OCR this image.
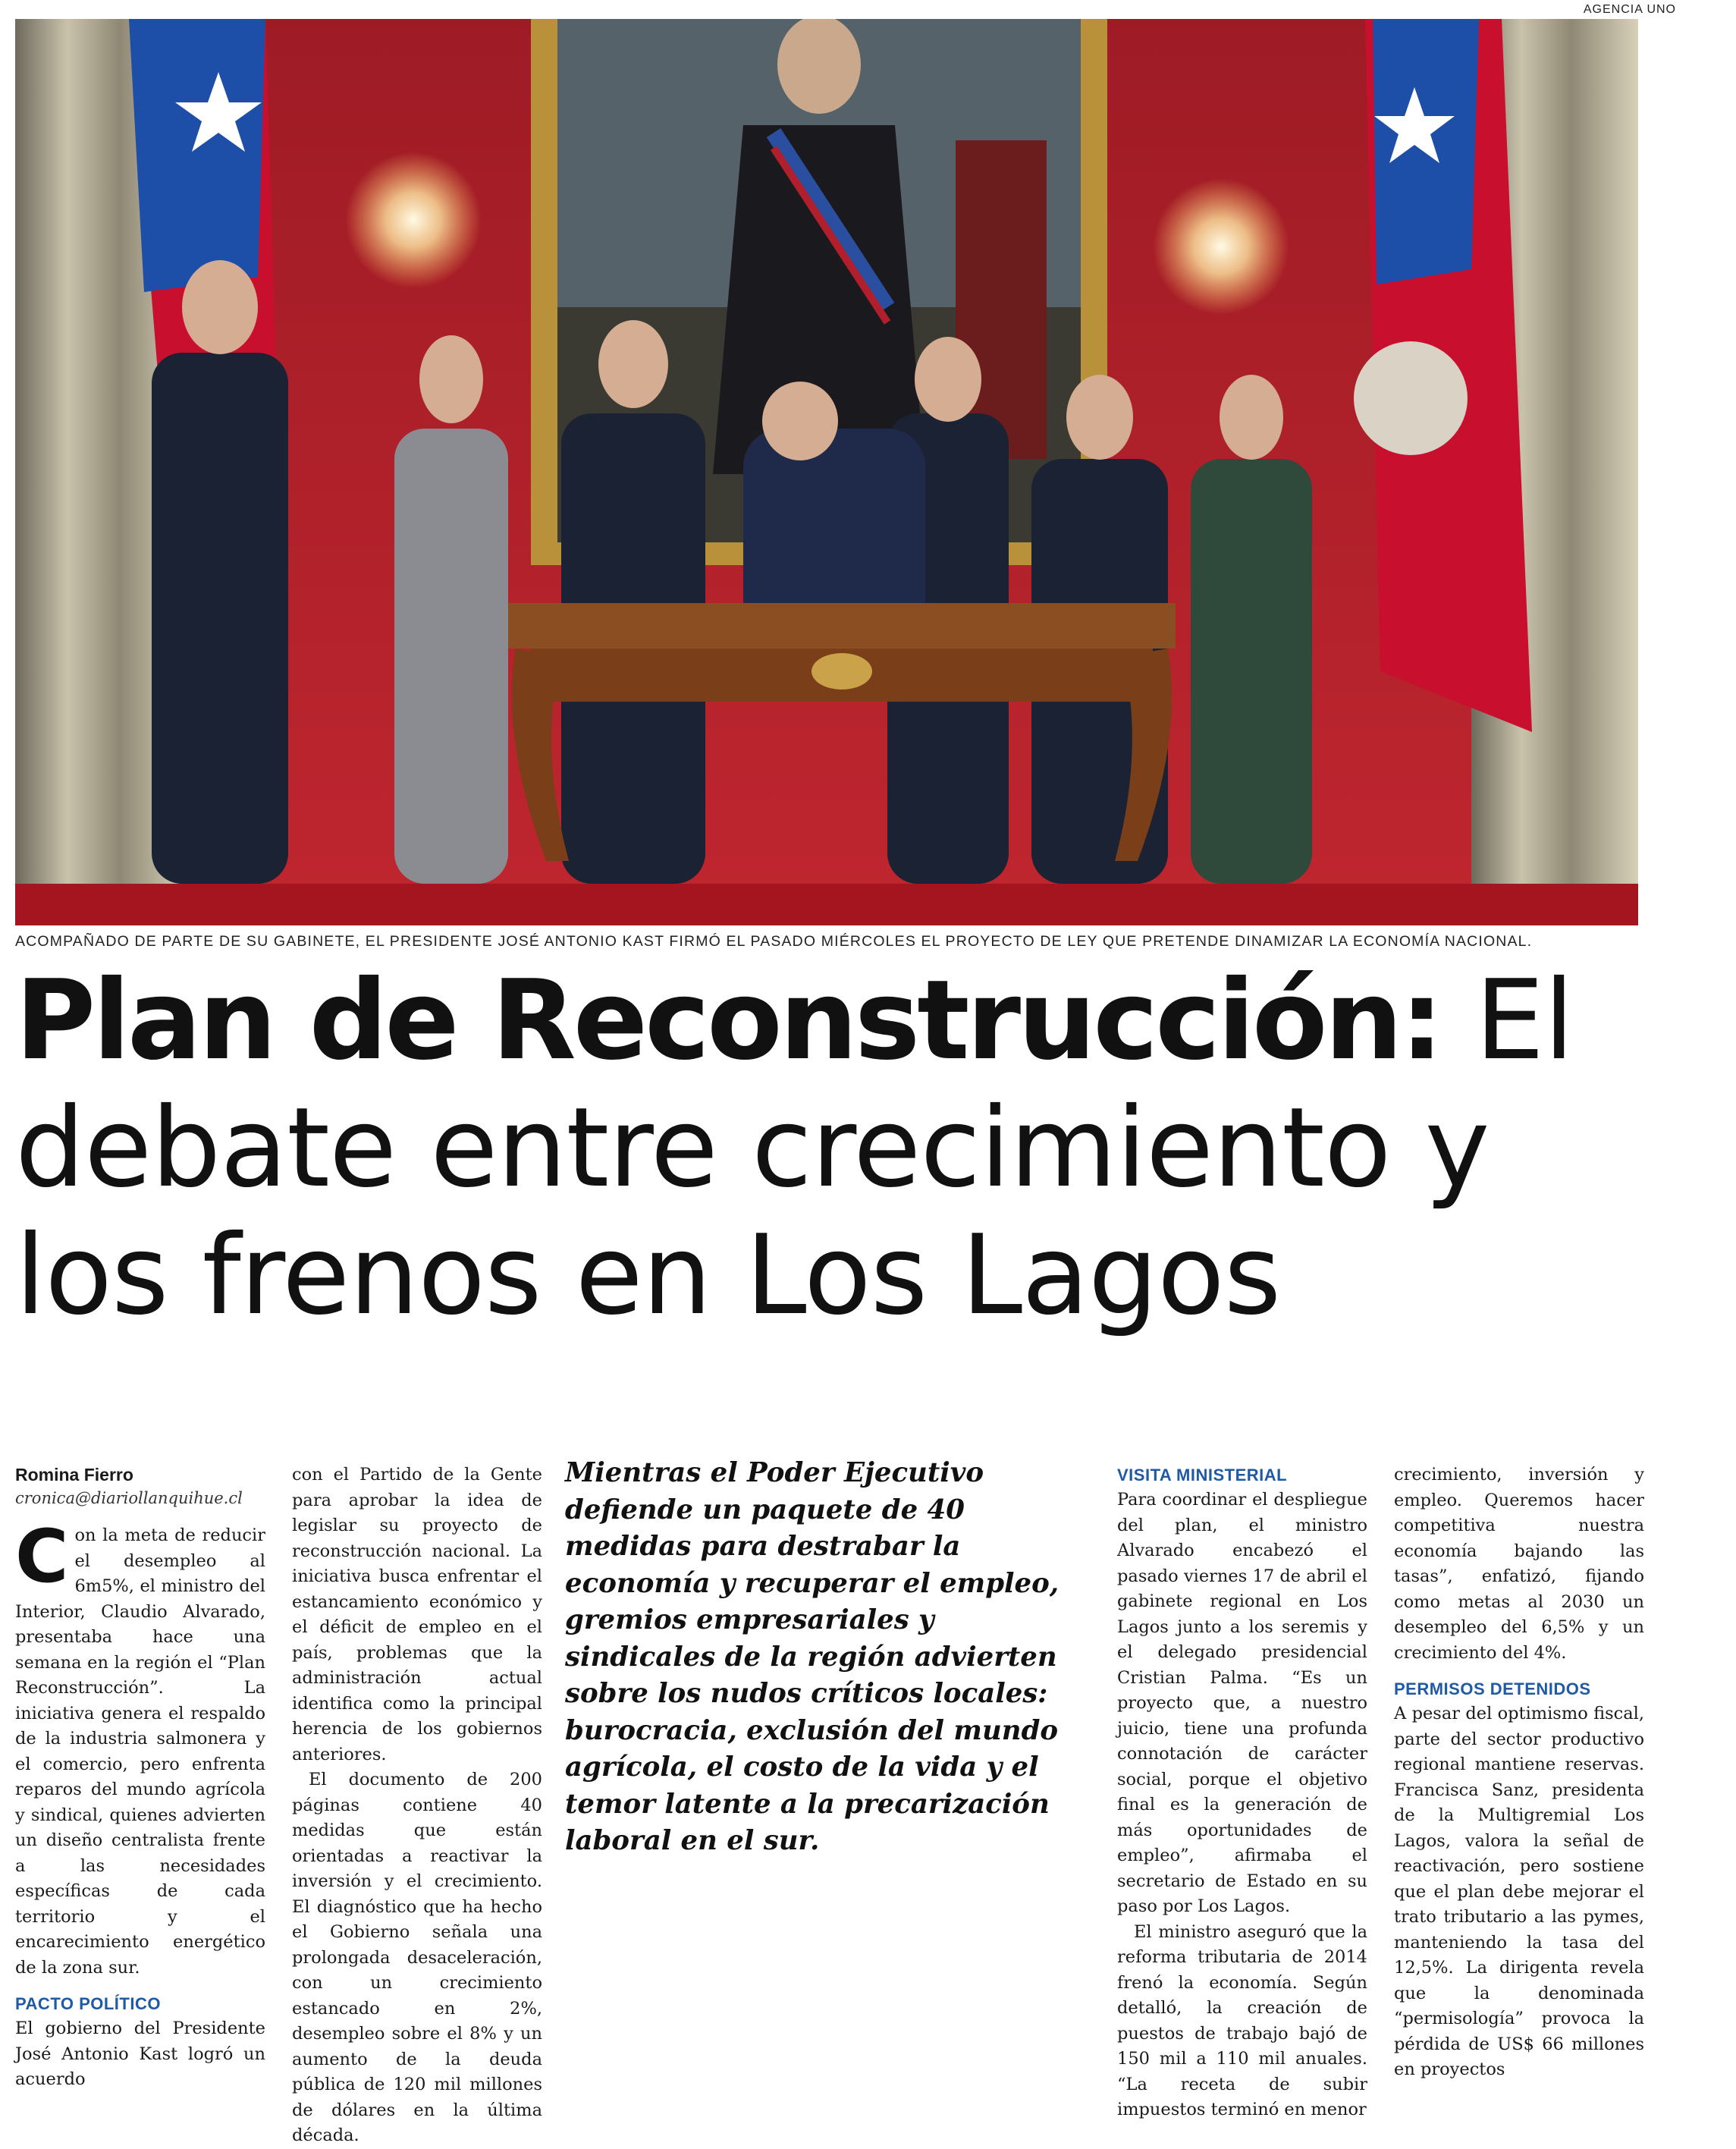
AGENCIA UNO
ACOMPAÑADO DE PARTE DE SU GABINETE, EL PRESIDENTE JOSÉ ANTONIO KAST FIRMÓ EL PASADO MIÉRCOLES EL PROYECTO DE LEY QUE PRETENDE DINAMIZAR LA ECONOMÍA NACIONAL.
Plan de Reconstrucción: El debate entre crecimiento y los frenos en Los Lagos

Romina Fierro

cronica@diariollanquihue.cl

Con la meta de reducir el desempleo al 6m5%, el ministro del Interior, Claudio Alvarado, presentaba hace una semana en la región el “Plan Reconstrucción”. La iniciativa genera el respaldo de la industria salmonera y el comercio, pero enfrenta reparos del mundo agrícola y sindical, quienes advierten un diseño centralista frente a las necesidades específicas de cada territorio y el encarecimiento energético de la zona sur.

PACTO POLÍTICO

El gobierno del Presidente José Antonio Kast logró un acuerdo

con el Partido de la Gente para aprobar la idea de legislar su proyecto de reconstrucción nacional. La iniciativa busca enfrentar el estancamiento económico y el déficit de empleo en el país, problemas que la administración actual identifica como la principal herencia de los gobiernos anteriores.

El documento de 200 páginas contiene 40 medidas que están orientadas a reactivar la inversión y el crecimiento. El diagnóstico que ha hecho el Gobierno señala una prolongada desaceleración, con un crecimiento estancado en 2%, desempleo sobre el 8% y un aumento de la deuda pública de 120 mil millones de dólares en la última década.

Mientras el Poder Ejecutivo defiende un paquete de 40 medidas para destrabar la economía y recuperar el empleo, gremios empresariales y sindicales de la región advierten sobre los nudos críticos locales: burocracia, exclusión del mundo agrícola, el costo de la vida y el temor latente a la precarización laboral en el sur.

VISITA MINISTERIAL

Para coordinar el despliegue del plan, el ministro Alvarado encabezó el pasado viernes 17 de abril el gabinete regional en Los Lagos junto a los seremis y el delegado presidencial Cristian Palma. “Es un proyecto que, a nuestro juicio, tiene una profunda connotación de carácter social, porque el objetivo final es la generación de más oportunidades de empleo”, afirmaba el secretario de Estado en su paso por Los Lagos.

El ministro aseguró que la reforma tributaria de 2014 frenó la economía. Según detalló, la creación de puestos de trabajo bajó de 150 mil a 110 mil anuales. “La receta de subir impuestos terminó en menor

crecimiento, inversión y empleo. Queremos hacer competitiva nuestra economía bajando las tasas”, enfatizó, fijando como metas al 2030 un desempleo del 6,5% y un crecimiento del 4%.

PERMISOS DETENIDOS

A pesar del optimismo fiscal, parte del sector productivo regional mantiene reservas. Francisca Sanz, presidenta de la Multigremial Los Lagos, valora la señal de reactivación, pero sostiene que el plan debe mejorar el trato tributario a las pymes, manteniendo la tasa del 12,5%. La dirigenta revela que la denominada “permisología” provoca la pérdida de US$ 66 millones en proyectos
